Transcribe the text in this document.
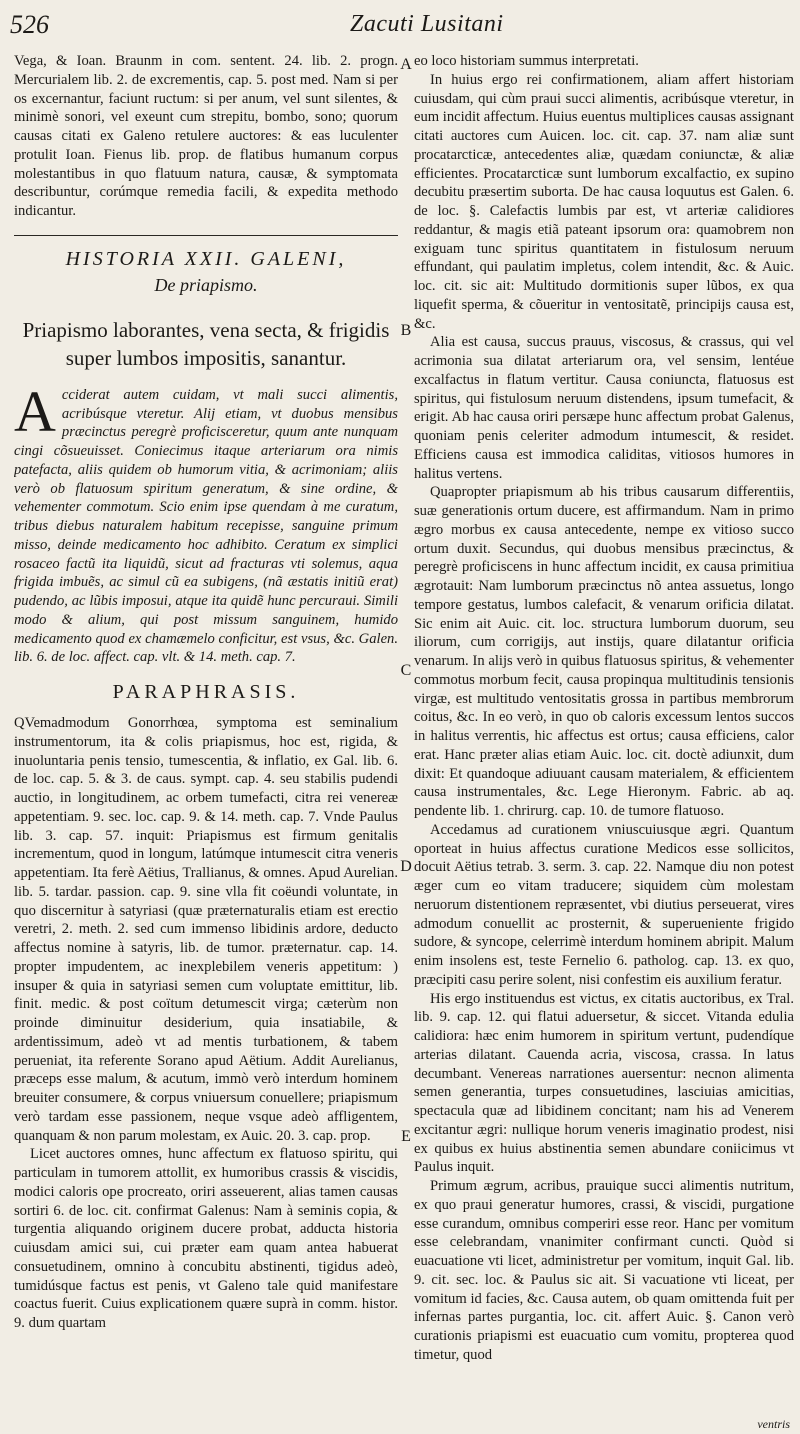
526	Zacuti Lusitani

Vega, & Ioan. Braunm in com. sentent. 24. lib. 2. progn. Mercurialem lib. 2. de excrementis, cap. 5. post med. Nam si per os excernantur, faciunt ructum: si per anum, vel sunt silentes, & minimè sonori, vel exeunt cum strepitu, bombo, sono; quorum causas citati ex Galeno retulere auctores: & eas luculenter protulit Ioan. Fienus lib. prop. de flatibus humanum corpus molestantibus in quo flatuum natura, causæ, & symptomata describuntur, corúmque remedia facili, & expedita methodo indicantur.

HISTORIA XXII. GALENI,
De priapismo.
Priapismo laborantes, vena secta, & frigidis super lumbos impositis, sanantur.

Acciderat autem cuidam, vt mali succi alimentis, acribúsque vteretur. Alij etiam, vt duobus mensibus præcinctus peregrè proficisceretur, quum ante nunquam cingi cõsueuisset. Coniecimus itaque arteriarum ora nimis patefacta, aliis quidem ob humorum vitia, & acrimoniam; aliis verò ob flatuosum spiritum generatum, & sine ordine, & vehementer commotum. Scio enim ipse quendam à me curatum, tribus diebus naturalem habitum recepisse, sanguine primum misso, deinde medicamento hoc adhibito. Ceratum ex simplici rosaceo factũ ita liquidũ, sicut ad fracturas vti solemus, aqua frigida imbuẽs, ac simul cũ ea subigens, (nã æstatis initiũ erat) pudendo, ac lũbis imposui, atque ita quidẽ hunc percuraui. Simili modo & alium, qui post missum sanguinem, humido medicamento quod ex chamæmelo conficitur, est vsus, &c. Galen. lib. 6. de loc. affect. cap. vlt. & 14. meth. cap. 7.

PARAPHRASIS.

QVemadmodum Gonorrhœa, symptoma est seminalium instrumentorum, ita & colis priapismus, hoc est, rigida, & inuoluntaria penis tensio, tumescentia, & inflatio, ex Gal. lib. 6. de loc. cap. 5. & 3. de caus. sympt. cap. 4. seu stabilis pudendi auctio, in longitudinem, ac orbem tumefacti, citra rei venereæ appetentiam. 9. sec. loc. cap. 9. & 14. meth. cap. 7. Vnde Paulus lib. 3. cap. 57. inquit: Priapismus est firmum genitalis incrementum, quod in longum, latúmque intumescit citra veneris appetentiam. Ita ferè Aëtius, Trallianus, & omnes. Apud Aurelian. lib. 5. tardar. passion. cap. 9. sine vlla fit coëundi voluntate, in quo discernitur à satyriasi (quæ præternaturalis etiam est erectio veretri, 2. meth. 2. sed cum immenso libidinis ardore, deducto affectus nomine à satyris, lib. de tumor. præternatur. cap. 14. propter impudentem, ac inexplebilem veneris appetitum: ) insuper & quia in satyriasi semen cum voluptate emittitur, lib. finit. medic. & post coïtum detumescit virga; cæterùm non proinde diminuitur desiderium, quia insatiabile, & ardentissimum, adeò vt ad mentis turbationem, & tabem perueniat, ita referente Sorano apud Aëtium. Addit Aurelianus, præceps esse malum, & acutum, immò verò interdum hominem breuiter consumere, & corpus vniuersum conuellere; priapismum verò tardam esse passionem, neque vsque adeò affligentem, quanquam & non parum molestam, ex Auic. 20. 3. cap. prop.

Licet auctores omnes, hunc affectum ex flatuoso spiritu, qui particulam in tumorem attollit, ex humoribus crassis & viscidis, modici caloris ope procreato, oriri asseuerent, alias tamen causas sortiri 6. de loc. cit. confirmat Galenus: Nam à seminis copia, & turgentia aliquando originem ducere probat, adducta historia cuiusdam amici sui, cui præter eam quam antea habuerat consuetudinem, omnino à concubitu abstinenti, tigidus adeò, tumidúsque factus est penis, vt Galeno tale quid manifestare coactus fuerit. Cuius explicationem quære suprà in comm. histor. 9. dum quartam

A
B
C
D
E

eo loco historiam summus interpretati.

In huius ergo rei confirmationem, aliam affert historiam cuiusdam, qui cùm praui succi alimentis, acribúsque vteretur, in eum incidit affectum. Huius euentus multiplices causas assignant citati auctores cum Auicen. loc. cit. cap. 37. nam aliæ sunt procatarcticæ, antecedentes aliæ, quædam coniunctæ, & aliæ efficientes. Procatarcticæ sunt lumborum excalfactio, ex supino decubitu præsertim suborta. De hac causa loquutus est Galen. 6. de loc. §. Calefactis lumbis par est, vt arteriæ calidiores reddantur, & magis etiã pateant ipsorum ora: quamobrem non exiguam tunc spiritus quantitatem in fistulosum neruum effundant, qui paulatim impletus, colem intendit, &c. & Auic. loc. cit. sic ait: Multitudo dormitionis super lũbos, ex qua liquefit sperma, & cõueritur in ventositatẽ, principijs causa est, &c.

Alia est causa, succus prauus, viscosus, & crassus, qui vel acrimonia sua dilatat arteriarum ora, vel sensim, lentéue excalfactus in flatum vertitur. Causa coniuncta, flatuosus est spiritus, qui fistulosum neruum distendens, ipsum tumefacit, & erigit. Ab hac causa oriri persæpe hunc affectum probat Galenus, quoniam penis celeriter admodum intumescit, & residet. Efficiens causa est immodica caliditas, vitiosos humores in halitus vertens.

Quapropter priapismum ab his tribus causarum differentiis, suæ generationis ortum ducere, est affirmandum. Nam in primo ægro morbus ex causa antecedente, nempe ex vitioso succo ortum duxit. Secundus, qui duobus mensibus præcinctus, & peregrè proficiscens in hunc affectum incidit, ex causa primitiua ægrotauit: Nam lumborum præcinctus nõ antea assuetus, longo tempore gestatus, lumbos calefacit, & venarum orificia dilatat. Sic enim ait Auic. cit. loc. structura lumborum duorum, seu iliorum, cum corrigijs, aut instijs, quare dilatantur orificia venarum. In alijs verò in quibus flatuosus spiritus, & vehementer commotus morbum fecit, causa propinqua multitudinis tensionis virgæ, est multitudo ventositatis grossa in partibus membrorum coitus, &c. In eo verò, in quo ob caloris excessum lentos succos in halitus verrentis, hic affectus est ortus; causa efficiens, calor erat. Hanc præter alias etiam Auic. loc. cit. doctè adiunxit, dum dixit: Et quandoque adiuuant causam materialem, & efficientem causa instrumentales, &c. Lege Hieronym. Fabric. ab aq. pendente lib. 1. chrirurg. cap. 10. de tumore flatuoso.

Accedamus ad curationem vniuscuiusque ægri. Quantum oporteat in huius affectus curatione Medicos esse sollicitos, docuit Aëtius tetrab. 3. serm. 3. cap. 22. Namque diu non potest æger cum eo vitam traducere; siquidem cùm molestam neruorum distentionem repræsentet, vbi diutius perseuerat, vires admodum conuellit ac prosternit, & superueniente frigido sudore, & syncope, celerrimè interdum hominem abripit. Malum enim insolens est, teste Fernelio 6. patholog. cap. 13. ex quo, præcipiti casu perire solent, nisi confestim eis auxilium feratur.

His ergo instituendus est victus, ex citatis auctoribus, ex Tral. lib. 9. cap. 12. qui flatui aduersetur, & siccet. Vitanda edulia calidiora: hæc enim humorem in spiritum vertunt, pudendíque arterias dilatant. Cauenda acria, viscosa, crassa. In latus decumbant. Venereas narrationes auersentur: necnon alimenta semen generantia, turpes consuetudines, lasciuias amicitias, spectacula quæ ad libidinem concitant; nam his ad Venerem excitantur ægri: nullique horum veneris imaginatio prodest, nisi ex quibus ex huius abstinentia semen abundare coniicimus vt Paulus inquit.

Primum ægrum, acribus, prauique succi alimentis nutritum, ex quo praui generatur humores, crassi, & viscidi, purgatione esse curandum, omnibus comperiri esse reor. Hanc per vomitum esse celebrandam, vnanimiter confirmant cuncti. Quòd si euacuatione vti licet, administretur per vomitum, inquit Gal. lib. 9. cit. sec. loc. & Paulus sic ait. Si vacuatione vti liceat, per vomitum id facies, &c. Causa autem, ob quam omittenda fuit per infernas partes purgantia, loc. cit. affert Auic. §. Canon verò curationis priapismi est euacuatio cum vomitu, propterea quod timetur, quod

ventris
